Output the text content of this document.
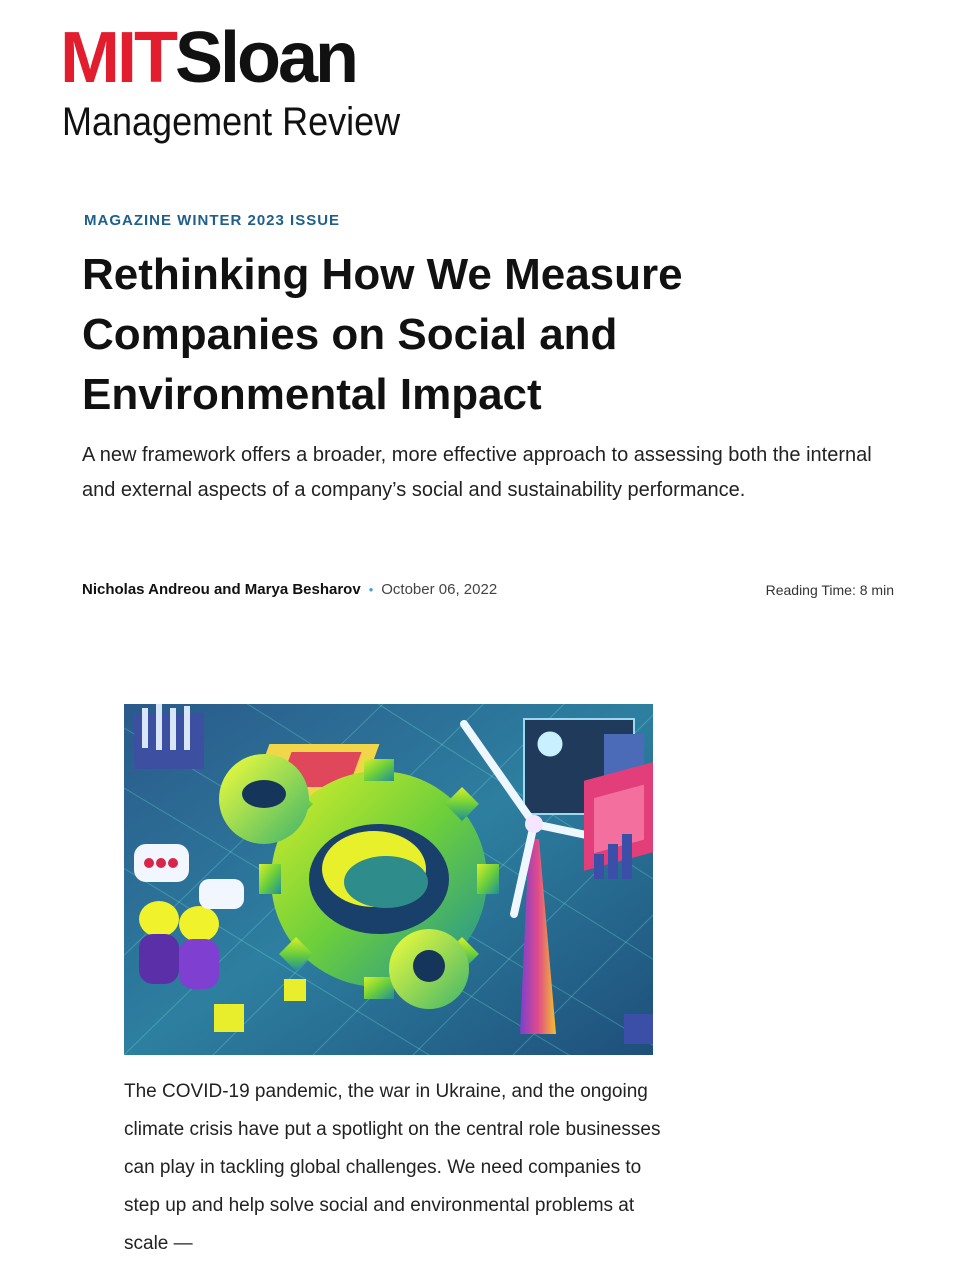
MITSloan
Management Review
MAGAZINE WINTER 2023 ISSUE
Rethinking How We Measure Companies on Social and Environmental Impact

A new framework offers a broader, more effective approach to assessing both the internal and external aspects of a company’s social and sustainability performance.

Nicholas Andreou and Marya Besharov • October 06, 2022	Reading Time: 8 min

The COVID-19 pandemic, the war in Ukraine, and the ongoing climate crisis have put a spotlight on the central role businesses can play in tackling global challenges. We need companies to step up and help solve social and environmental problems at scale —
